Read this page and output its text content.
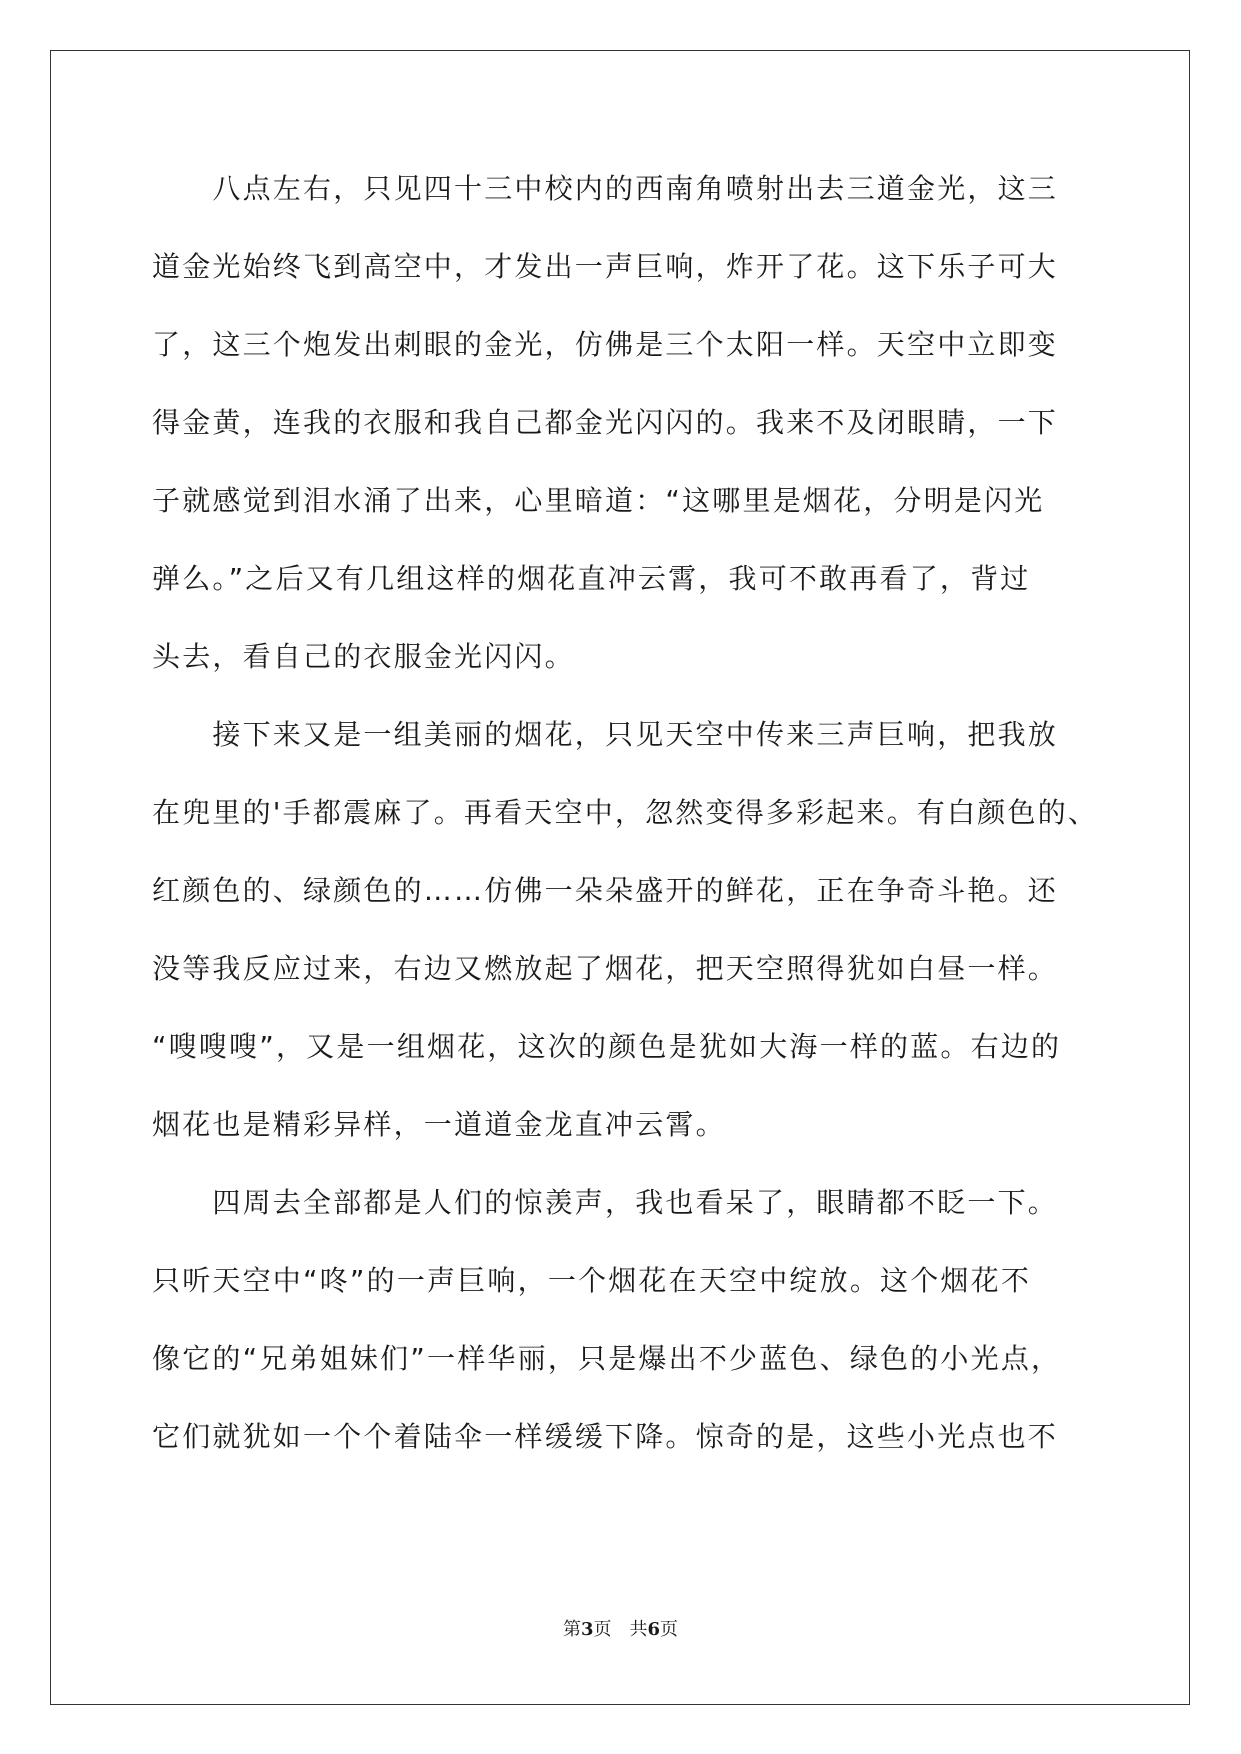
　　八点左右，只见四十三中校内的西南角喷射出去三道金光，这三
道金光始终飞到高空中，才发出一声巨响，炸开了花。这下乐子可大
了，这三个炮发出刺眼的金光，仿佛是三个太阳一样。天空中立即变
得金黄，连我的衣服和我自己都金光闪闪的。我来不及闭眼睛，一下
子就感觉到泪水涌了出来，心里暗道：“这哪里是烟花，分明是闪光
弹么。”之后又有几组这样的烟花直冲云霄，我可不敢再看了，背过
头去，看自己的衣服金光闪闪。
　　接下来又是一组美丽的烟花，只见天空中传来三声巨响，把我放
在兜里的'手都震麻了。再看天空中，忽然变得多彩起来。有白颜色的、
红颜色的、绿颜色的……仿佛一朵朵盛开的鲜花，正在争奇斗艳。还
没等我反应过来，右边又燃放起了烟花，把天空照得犹如白昼一样。
“嗖嗖嗖”，又是一组烟花，这次的颜色是犹如大海一样的蓝。右边的
烟花也是精彩异样，一道道金龙直冲云霄。
　　四周去全部都是人们的惊羡声，我也看呆了，眼睛都不眨一下。
只听天空中“咚”的一声巨响，一个烟花在天空中绽放。这个烟花不
像它的“兄弟姐妹们”一样华丽，只是爆出不少蓝色、绿色的小光点，
它们就犹如一个个着陆伞一样缓缓下降。惊奇的是，这些小光点也不
第3页　共6页
